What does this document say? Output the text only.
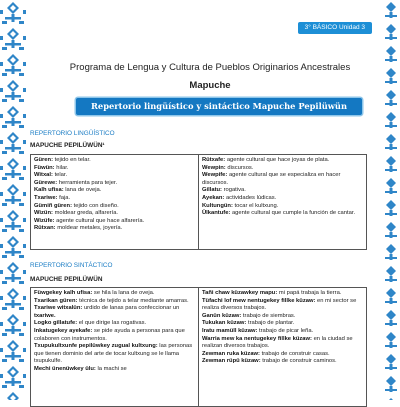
3° BÁSICO Unidad 3
Programa de Lengua y Cultura de Pueblos Originarios Ancestrales
Mapuche
Repertorio lingüístico y sintáctico Mapuche Pepilüwün
REPERTORIO LINGÜÍSTICO
MAPUCHE PEPILÜWÜN¹
Güren: tejido en telar.
Füwün: hilar.
Witxal: telar.
Gürewe: herramienta para tejer.
Kalh ufisa: lana de oveja.
Txariwe: faja.
Gümiñ güren: tejido con diseño.
Wizün: moldear greda, alfarería.
Wizüfe: agente cultural que hace alfarería.
Rütxan: moldear metales, joyería.
Rütxafe: agente cultural que hace joyas de plata.
Wewpin: discursos.
Wewpife: agente cultural que se especializa en hacer discursos.
Gillatu: rogativa.
Ayekan: actividades lúdicas.
Kultungün: tocar el kultxung.
Ülkantufe: agente cultural que cumple la función de cantar.
REPERTORIO SINTÁCTICO
MAPUCHE PEPILÜWÜN
Füwgekey kalh ufisa: se hila la lana de oveja.
Txarikan güren: técnica de tejido a telar mediante amarras.
Txariwe witxalün: urdido de lanas para confeccionar un txariwe.
Logko gillatufe: el que dirige las rogativas.
Inkatugekey ayekafe: se pide ayuda a personas para que colaboren con instrumentos.
Txupukultxunfe pepilüwkey zugual kultxung: las personas que tienen dominio del arte de tocar kultxung se le llama txupukulfe.
Mechi ünenüwkey ülu: la machi se
Tañi chaw küzawkey mapu: mi papá trabaja la tierra.
Tüfachi lof mew nentugekey fillke küzaw: en mi sector se realiza diversos trabajos.
Ganün küzaw: trabajo de siembras.
Tukukan küzaw: trabajo de plantar.
Iratu mamüll küzaw: trabajo de picar leña.
Warria mew ka nentugekey fillke küzaw: en la ciudad se realizan diversos trabajos.
Zewman ruka küzaw: trabajo de construir casas.
Zewman rüpü küzaw: trabajo de construir caminos.
